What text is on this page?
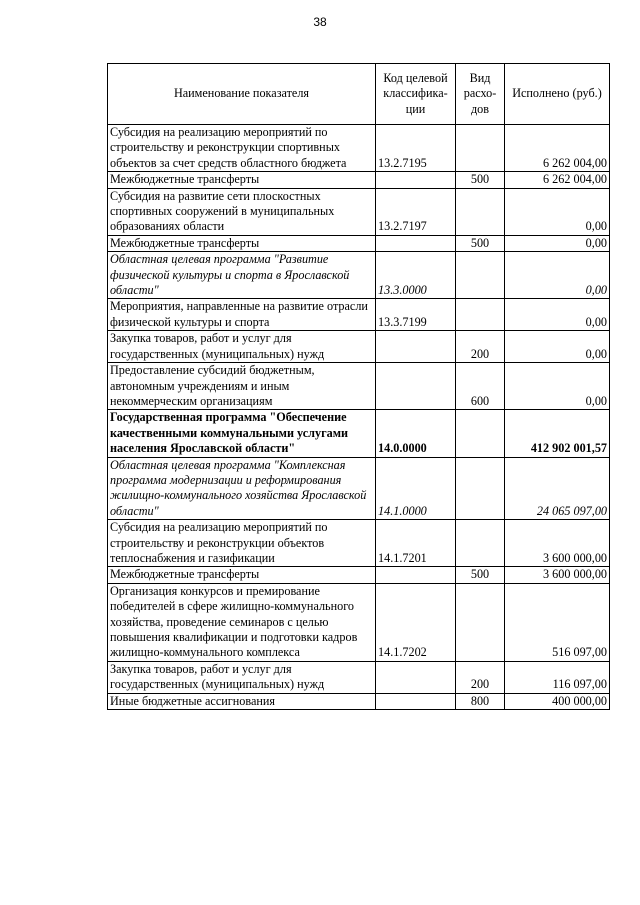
38
Наименование показателя	Код целевой классифика- ции	Вид расхо- дов	Исполнено (руб.)
Субсидия на реализацию мероприятий по строительству и реконструкции спортивных объектов за счет средств областного бюджета	13.2.7195		6 262 004,00
Межбюджетные трансферты		500	6 262 004,00
Субсидия на развитие сети плоскостных спортивных сооружений в муниципальных образованиях области	13.2.7197		0,00
Межбюджетные трансферты		500	0,00
Областная целевая программа "Развитие физической культуры и спорта в Ярославской области"	13.3.0000		0,00
Мероприятия, направленные на развитие отрасли физической культуры и спорта	13.3.7199		0,00
Закупка товаров, работ и услуг для государственных (муниципальных) нужд		200	0,00
Предоставление субсидий бюджетным, автономным учреждениям и иным некоммерческим организациям		600	0,00
Государственная программа "Обеспечение качественными коммунальными услугами населения Ярославской области"	14.0.0000		412 902 001,57
Областная целевая программа "Комплексная программа модернизации и реформирования жилищно-коммунального хозяйства Ярославской области"	14.1.0000		24 065 097,00
Субсидия на реализацию мероприятий по строительству и реконструкции объектов теплоснабжения и газификации	14.1.7201		3 600 000,00
Межбюджетные трансферты		500	3 600 000,00
Организация конкурсов и премирование победителей в сфере жилищно-коммунального хозяйства, проведение семинаров с целью повышения квалификации и подготовки кадров жилищно-коммунального комплекса	14.1.7202		516 097,00
Закупка товаров, работ и услуг для государственных (муниципальных) нужд		200	116 097,00
Иные бюджетные ассигнования		800	400 000,00
